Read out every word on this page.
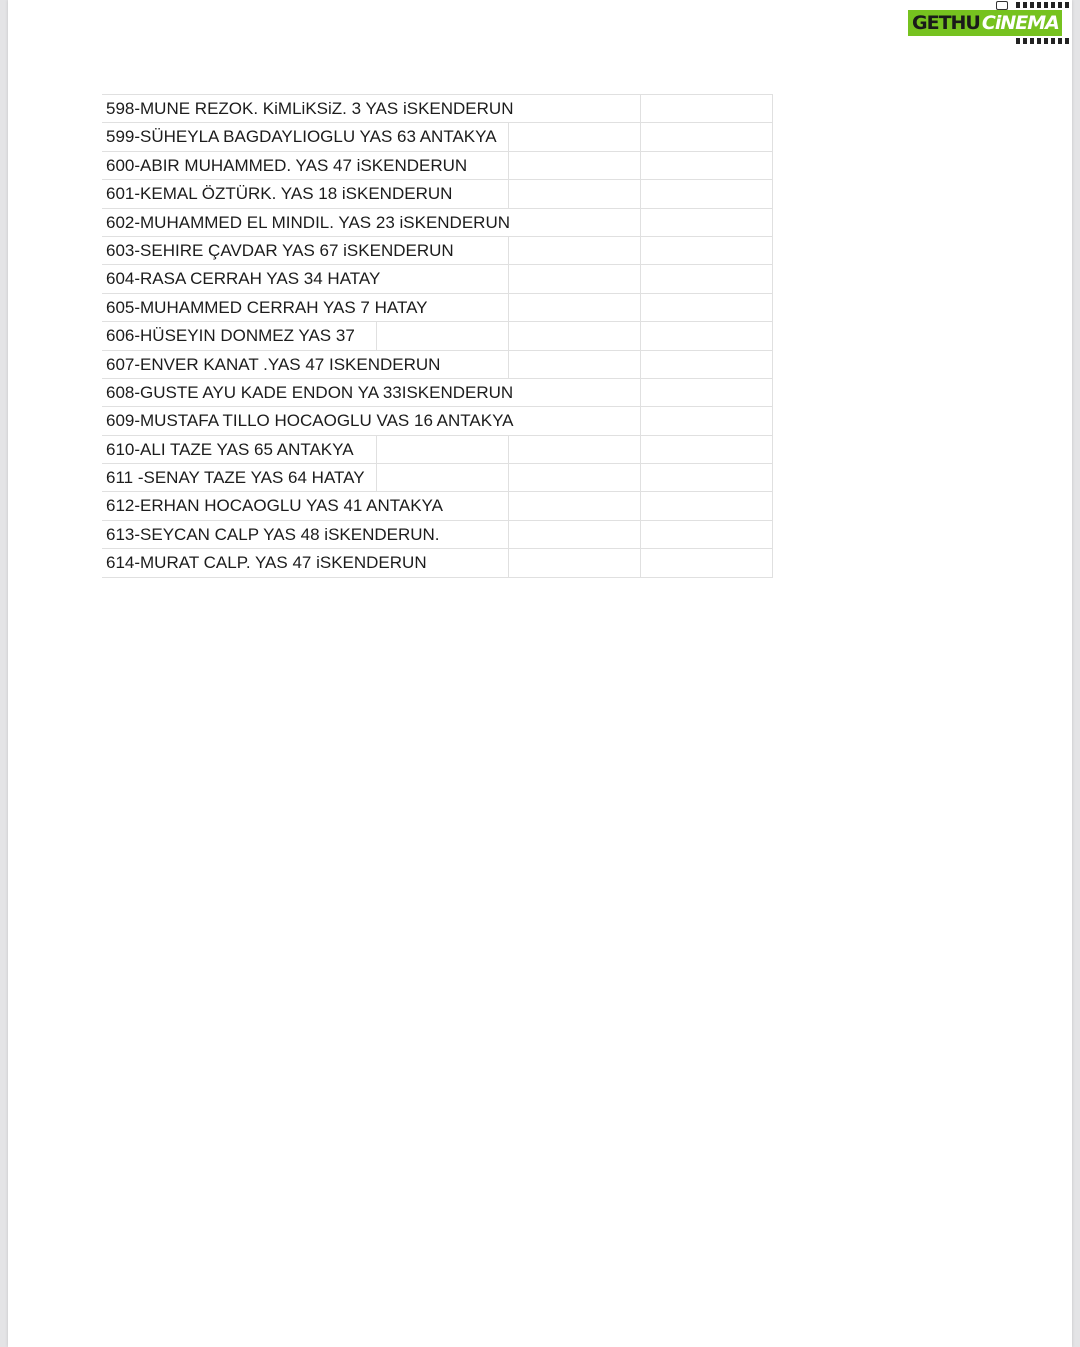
GETHU CiNEMA
598-MUNE REZOK. KiMLiKSiZ. 3 YAS iSKENDERUN
599-SÜHEYLA BAGDAYLIOGLU YAS 63 ANTAKYA
600-ABIR MUHAMMED. YAS 47 iSKENDERUN
601-KEMAL ÖZTÜRK. YAS 18 iSKENDERUN
602-MUHAMMED EL MINDIL. YAS 23 iSKENDERUN
603-SEHIRE ÇAVDAR YAS 67 iSKENDERUN
604-RASA CERRAH YAS 34 HATAY
605-MUHAMMED CERRAH YAS 7 HATAY
606-HÜSEYIN DONMEZ YAS 37
607-ENVER KANAT .YAS 47 ISKENDERUN
608-GUSTE AYU KADE ENDON YA 33ISKENDERUN
609-MUSTAFA TILLO HOCAOGLU VAS 16 ANTAKYA
610-ALI TAZE YAS 65 ANTAKYA
611 -SENAY TAZE YAS 64 HATAY
612-ERHAN HOCAOGLU YAS 41 ANTAKYA
613-SEYCAN CALP YAS 48 iSKENDERUN.
614-MURAT CALP. YAS 47 iSKENDERUN
